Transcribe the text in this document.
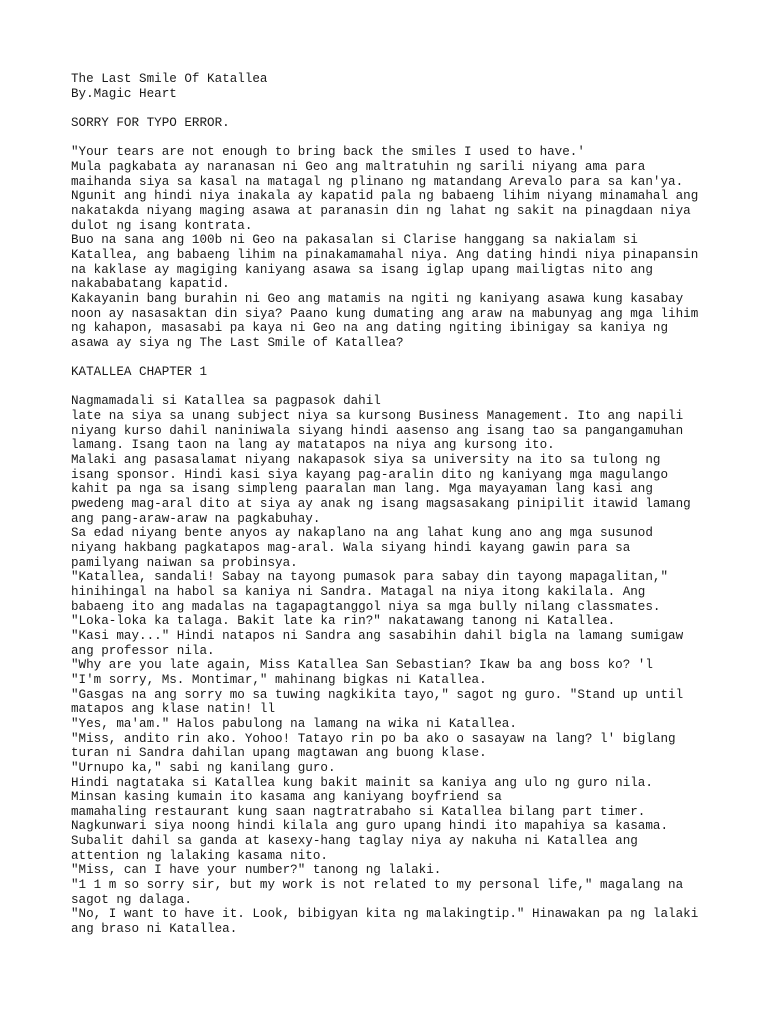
The Last Smile Of Katallea
By.Magic Heart
SORRY FOR TYPO ERROR.
"Your tears are not enough to bring back the smiles I used to have.'
Mula pagkabata ay naranasan ni Geo ang maltratuhin ng sarili niyang ama para
maihanda siya sa kasal na matagal ng plinano ng matandang Arevalo para sa kan'ya.
Ngunit ang hindi niya inakala ay kapatid pala ng babaeng lihim niyang minamahal ang
nakatakda niyang maging asawa at paranasin din ng lahat ng sakit na pinagdaan niya
dulot ng isang kontrata.
Buo na sana ang 100b ni Geo na pakasalan si Clarise hanggang sa nakialam si
Katallea, ang babaeng lihim na pinakamamahal niya. Ang dating hindi niya pinapansin
na kaklase ay magiging kaniyang asawa sa isang iglap upang mailigtas nito ang
nakababatang kapatid.
Kakayanin bang burahin ni Geo ang matamis na ngiti ng kaniyang asawa kung kasabay
noon ay nasasaktan din siya? Paano kung dumating ang araw na mabunyag ang mga lihim
ng kahapon, masasabi pa kaya ni Geo na ang dating ngiting ibinigay sa kaniya ng
asawa ay siya ng The Last Smile of Katallea?
KATALLEA CHAPTER 1
Nagmamadali si Katallea sa pagpasok dahil
late na siya sa unang subject niya sa kursong Business Management. Ito ang napili
niyang kurso dahil naniniwala siyang hindi aasenso ang isang tao sa pangangamuhan
lamang. Isang taon na lang ay matatapos na niya ang kursong ito.
Malaki ang pasasalamat niyang nakapasok siya sa university na ito sa tulong ng
isang sponsor. Hindi kasi siya kayang pag-aralin dito ng kaniyang mga magulango
kahit pa nga sa isang simpleng paaralan man lang. Mga mayayaman lang kasi ang
pwedeng mag-aral dito at siya ay anak ng isang magsasakang pinipilit itawid lamang
ang pang-araw-araw na pagkabuhay.
Sa edad niyang bente anyos ay nakaplano na ang lahat kung ano ang mga susunod
niyang hakbang pagkatapos mag-aral. Wala siyang hindi kayang gawin para sa
pamilyang naiwan sa probinsya.
"Katallea, sandali! Sabay na tayong pumasok para sabay din tayong mapagalitan,"
hinihingal na habol sa kaniya ni Sandra. Matagal na niya itong kakilala. Ang
babaeng ito ang madalas na tagapagtanggol niya sa mga bully nilang classmates.
"Loka-loka ka talaga. Bakit late ka rin?" nakatawang tanong ni Katallea.
"Kasi may..." Hindi natapos ni Sandra ang sasabihin dahil bigla na lamang sumigaw
ang professor nila.
"Why are you late again, Miss Katallea San Sebastian? Ikaw ba ang boss ko? 'l
"I'm sorry, Ms. Montimar," mahinang bigkas ni Katallea.
"Gasgas na ang sorry mo sa tuwing nagkikita tayo," sagot ng guro. "Stand up until
matapos ang klase natin! ll
"Yes, ma'am." Halos pabulong na lamang na wika ni Katallea.
"Miss, andito rin ako. Yohoo! Tatayo rin po ba ako o sasayaw na lang? l' biglang
turan ni Sandra dahilan upang magtawan ang buong klase.
"Urnupo ka," sabi ng kanilang guro.
Hindi nagtataka si Katallea kung bakit mainit sa kaniya ang ulo ng guro nila.
Minsan kasing kumain ito kasama ang kaniyang boyfriend sa
mamahaling restaurant kung saan nagtratrabaho si Katallea bilang part timer.
Nagkunwari siya noong hindi kilala ang guro upang hindi ito mapahiya sa kasama.
Subalit dahil sa ganda at kasexy-hang taglay niya ay nakuha ni Katallea ang
attention ng lalaking kasama nito.
"Miss, can I have your number?" tanong ng lalaki.
"1 1 m so sorry sir, but my work is not related to my personal life," magalang na
sagot ng dalaga.
"No, I want to have it. Look, bibigyan kita ng malakingtip." Hinawakan pa ng lalaki
ang braso ni Katallea.
